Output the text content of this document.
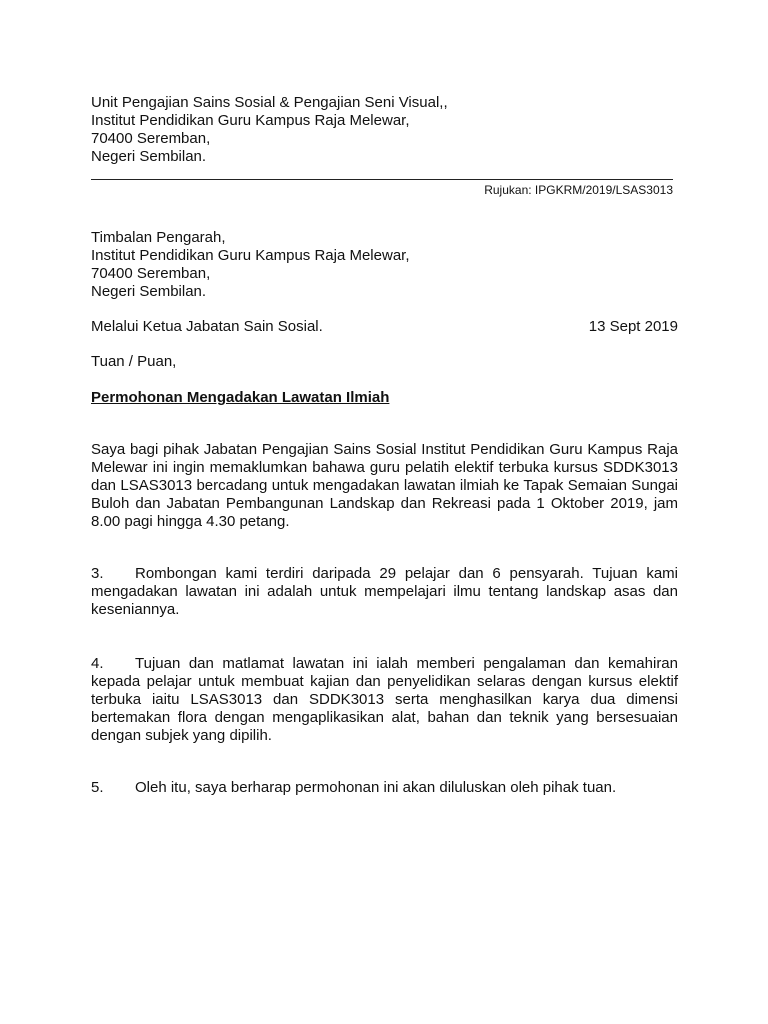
Unit Pengajian Sains Sosial & Pengajian Seni Visual,,
Institut Pendidikan Guru Kampus Raja Melewar,
70400 Seremban,
Negeri Sembilan.
Rujukan: IPGKRM/2019/LSAS3013
Timbalan Pengarah,
Institut Pendidikan Guru Kampus Raja Melewar,
70400 Seremban,
Negeri Sembilan.
Melalui Ketua Jabatan Sain Sosial.	13 Sept 2019
Tuan / Puan,
Permohonan Mengadakan Lawatan Ilmiah

Saya bagi pihak Jabatan Pengajian Sains Sosial Institut Pendidikan Guru Kampus Raja Melewar ini ingin memaklumkan bahawa guru pelatih elektif terbuka kursus SDDK3013 dan LSAS3013 bercadang untuk mengadakan lawatan ilmiah ke Tapak Semaian Sungai Buloh dan Jabatan Pembangunan Landskap dan Rekreasi pada 1 Oktober 2019, jam 8.00 pagi hingga 4.30 petang.

3. Rombongan kami terdiri daripada 29 pelajar dan 6 pensyarah. Tujuan kami mengadakan lawatan ini adalah untuk mempelajari ilmu tentang landskap asas dan keseniannya.

4. Tujuan dan matlamat lawatan ini ialah memberi pengalaman dan kemahiran kepada pelajar untuk membuat kajian dan penyelidikan selaras dengan kursus elektif terbuka iaitu LSAS3013 dan SDDK3013 serta menghasilkan karya dua dimensi bertemakan flora dengan mengaplikasikan alat, bahan dan teknik yang bersesuaian dengan subjek yang dipilih.

5. Oleh itu, saya berharap permohonan ini akan diluluskan oleh pihak tuan.
